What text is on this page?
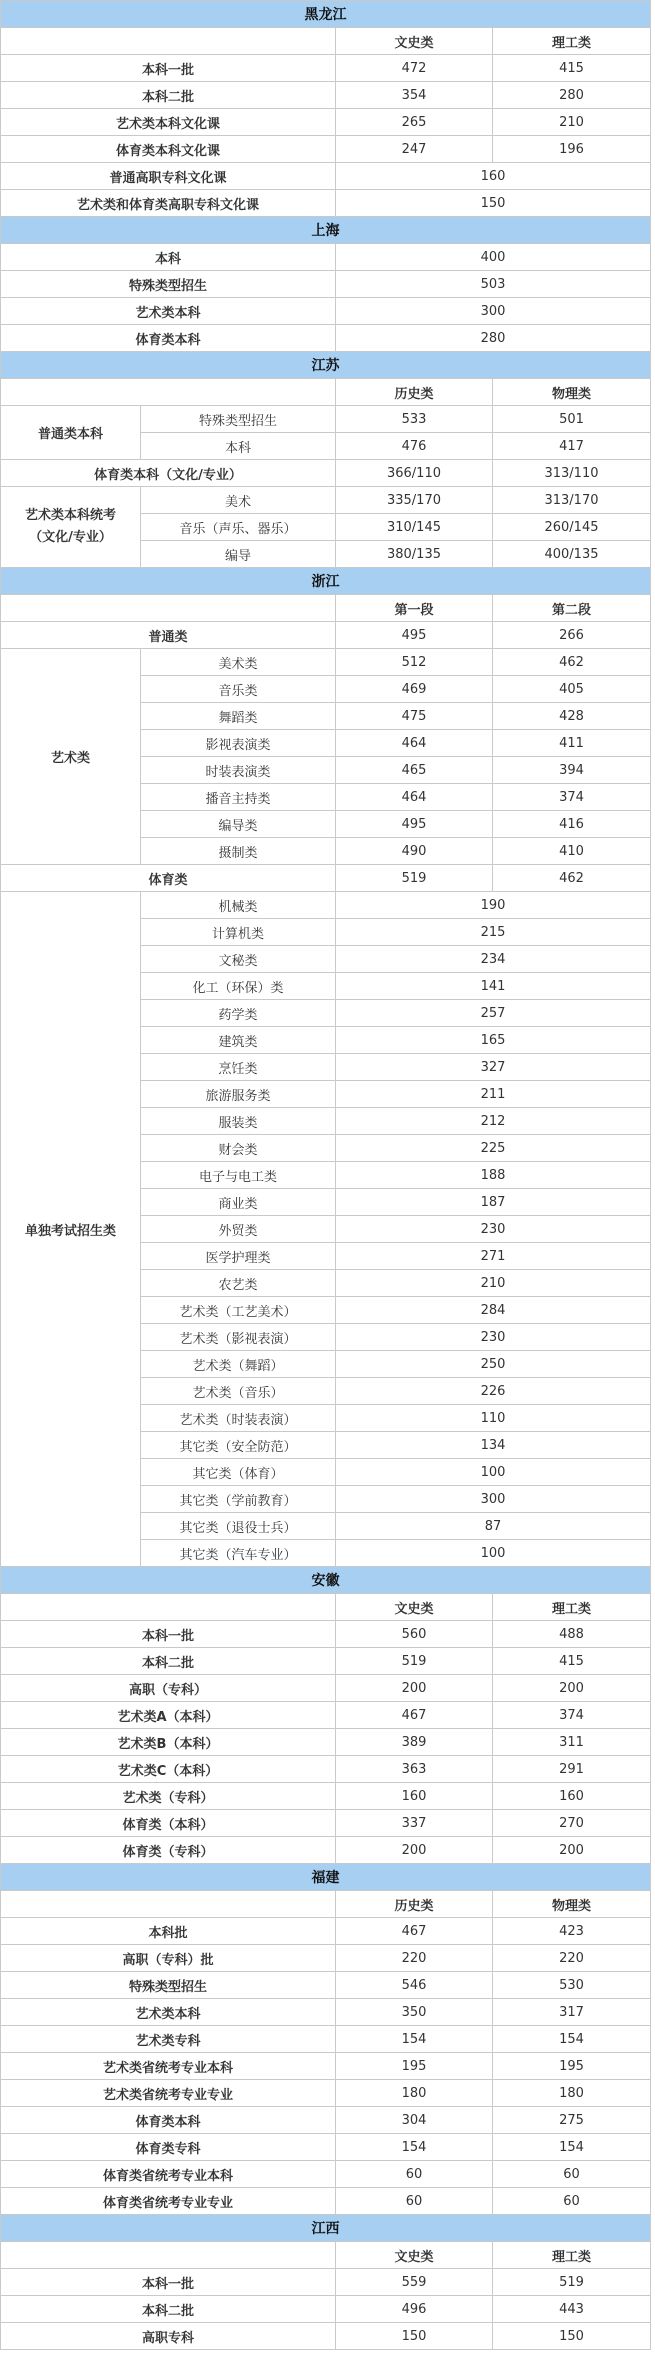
黑龙江			
		文史类	理工类
本科一批		472	415
本科二批		354	280
艺术类本科文化课		265	210
体育类本科文化课		247	196
普通高职专科文化课		160	
艺术类和体育类高职专科文化课		150	
上海			
本科		400	
特殊类型招生		503	
艺术类本科		300	
体育类本科		280	
江苏			
		历史类	物理类
普通类本科	特殊类型招生	533	501
	本科	476	417
体育类本科（文化/专业）		366/110	313/110

艺术类本科统考
（文化/专业）	美术	335/170	313/170
	音乐（声乐、器乐）	310/145	260/145
	编导	380/135	400/135
浙江			
		第一段	第二段
普通类		495	266
艺术类	美术类	512	462
	音乐类	469	405
	舞蹈类	475	428
	影视表演类	464	411
	时装表演类	465	394
	播音主持类	464	374
	编导类	495	416
	摄制类	490	410
体育类		519	462
单独考试招生类	机械类	190	
	计算机类	215	
	文秘类	234	
	化工（环保）类	141	
	药学类	257	
	建筑类	165	
	烹饪类	327	
	旅游服务类	211	
	服装类	212	
	财会类	225	
	电子与电工类	188	
	商业类	187	
	外贸类	230	
	医学护理类	271	
	农艺类	210	
	艺术类（工艺美术）	284	
	艺术类（影视表演）	230	
	艺术类（舞蹈）	250	
	艺术类（音乐）	226	
	艺术类（时装表演）	110	
	其它类（安全防范）	134	
	其它类（体育）	100	
	其它类（学前教育）	300	
	其它类（退役士兵）	87	
	其它类（汽车专业）	100	
安徽			
		文史类	理工类
本科一批		560	488
本科二批		519	415
高职（专科）		200	200
艺术类A（本科）		467	374
艺术类B（本科）		389	311
艺术类C（本科）		363	291
艺术类（专科）		160	160
体育类（本科）		337	270
体育类（专科）		200	200
福建			
		历史类	物理类
本科批		467	423
高职（专科）批		220	220
特殊类型招生		546	530
艺术类本科		350	317
艺术类专科		154	154
艺术类省统考专业本科		195	195
艺术类省统考专业专业		180	180
体育类本科		304	275
体育类专科		154	154
体育类省统考专业本科		60	60
体育类省统考专业专业		60	60
江西			
		文史类	理工类
本科一批		559	519
本科二批		496	443
高职专科		150	150
